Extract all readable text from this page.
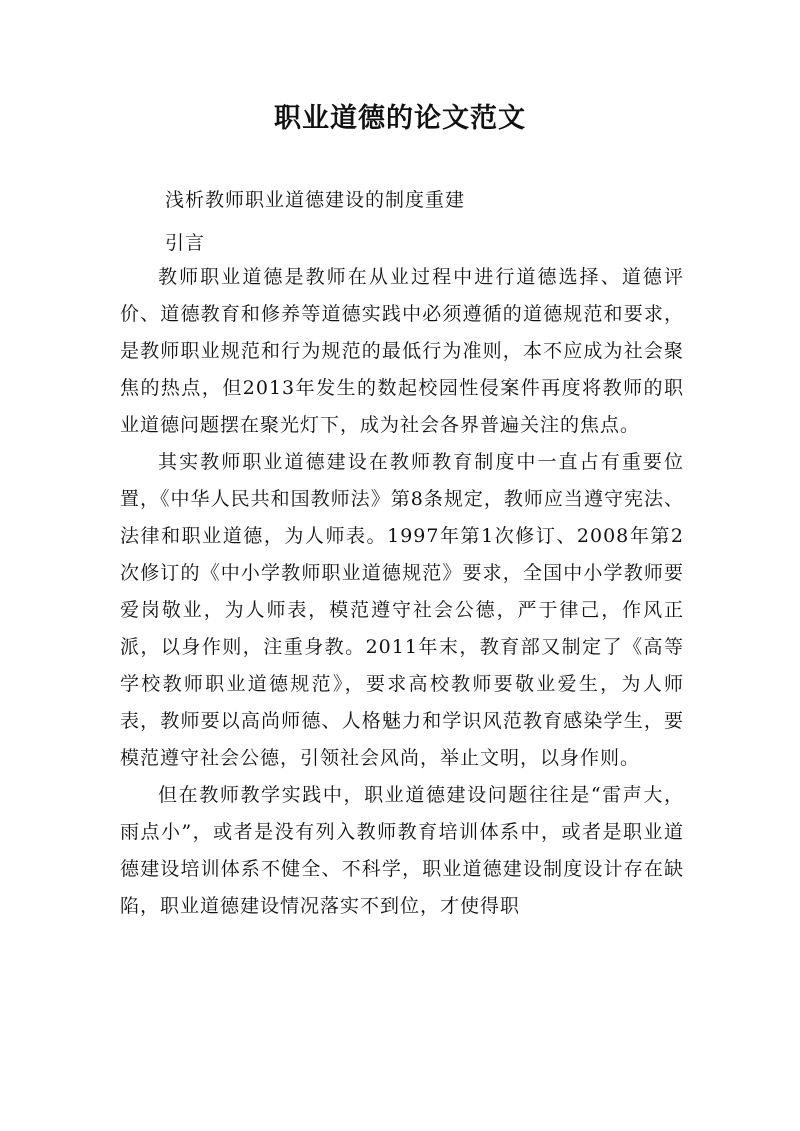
职业道德的论文范文
浅析教师职业道德建设的制度重建
引言

教师职业道德是教师在从业过程中进行道德选择、道德评价、道德教育和修养等道德实践中必须遵循的道德规范和要求，是教师职业规范和行为规范的最低行为准则，本不应成为社会聚焦的热点，但2013年发生的数起校园性侵案件再度将教师的职业道德问题摆在聚光灯下，成为社会各界普遍关注的焦点。

其实教师职业道德建设在教师教育制度中一直占有重要位置，《中华人民共和国教师法》第8条规定，教师应当遵守宪法、法律和职业道德，为人师表。1997年第1次修订、2008年第2次修订的《中小学教师职业道德规范》要求，全国中小学教师要爱岗敬业，为人师表，模范遵守社会公德，严于律己，作风正派，以身作则，注重身教。2011年末，教育部又制定了《高等学校教师职业道德规范》，要求高校教师要敬业爱生，为人师表，教师要以高尚师德、人格魅力和学识风范教育感染学生，要模范遵守社会公德，引领社会风尚，举止文明，以身作则。

但在教师教学实践中，职业道德建设问题往往是“雷声大，雨点小”，或者是没有列入教师教育培训体系中，或者是职业道德建设培训体系不健全、不科学，职业道德建设制度设计存在缺陷，职业道德建设情况落实不到位，才使得职
